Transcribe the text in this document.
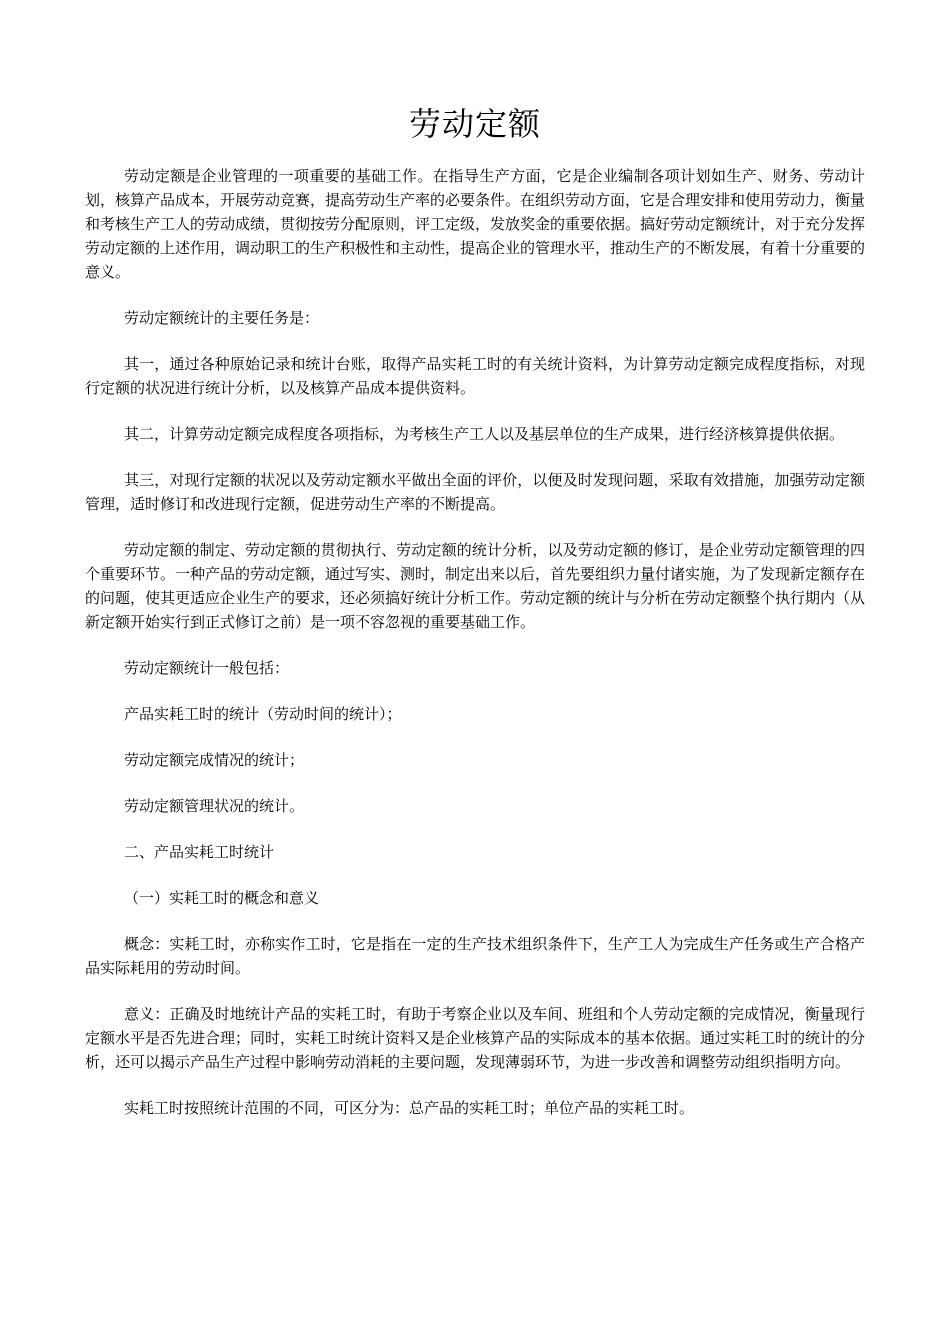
劳动定额

劳动定额是企业管理的一项重要的基础工作。在指导生产方面，它是企业编制各项计划如生产、财务、劳动计划，核算产品成本，开展劳动竞赛，提高劳动生产率的必要条件。在组织劳动方面，它是合理安排和使用劳动力，衡量和考核生产工人的劳动成绩，贯彻按劳分配原则，评工定级，发放奖金的重要依据。搞好劳动定额统计，对于充分发挥劳动定额的上述作用，调动职工的生产积极性和主动性，提高企业的管理水平，推动生产的不断发展，有着十分重要的意义。

劳动定额统计的主要任务是：

其一，通过各种原始记录和统计台账，取得产品实耗工时的有关统计资料，为计算劳动定额完成程度指标，对现行定额的状况进行统计分析，以及核算产品成本提供资料。

其二，计算劳动定额完成程度各项指标，为考核生产工人以及基层单位的生产成果，进行经济核算提供依据。

其三，对现行定额的状况以及劳动定额水平做出全面的评价，以便及时发现问题，采取有效措施，加强劳动定额管理，适时修订和改进现行定额，促进劳动生产率的不断提高。

劳动定额的制定、劳动定额的贯彻执行、劳动定额的统计分析，以及劳动定额的修订，是企业劳动定额管理的四个重要环节。一种产品的劳动定额，通过写实、测时，制定出来以后，首先要组织力量付诸实施，为了发现新定额存在的问题，使其更适应企业生产的要求，还必须搞好统计分析工作。劳动定额的统计与分析在劳动定额整个执行期内（从新定额开始实行到正式修订之前）是一项不容忽视的重要基础工作。

劳动定额统计一般包括：

产品实耗工时的统计（劳动时间的统计）；

劳动定额完成情况的统计；

劳动定额管理状况的统计。

二、产品实耗工时统计

（一）实耗工时的概念和意义

概念：实耗工时，亦称实作工时，它是指在一定的生产技术组织条件下，生产工人为完成生产任务或生产合格产品实际耗用的劳动时间。

意义：正确及时地统计产品的实耗工时，有助于考察企业以及车间、班组和个人劳动定额的完成情况，衡量现行定额水平是否先进合理；同时，实耗工时统计资料又是企业核算产品的实际成本的基本依据。通过实耗工时的统计的分析，还可以揭示产品生产过程中影响劳动消耗的主要问题，发现薄弱环节，为进一步改善和调整劳动组织指明方向。

实耗工时按照统计范围的不同，可区分为：总产品的实耗工时；单位产品的实耗工时。
